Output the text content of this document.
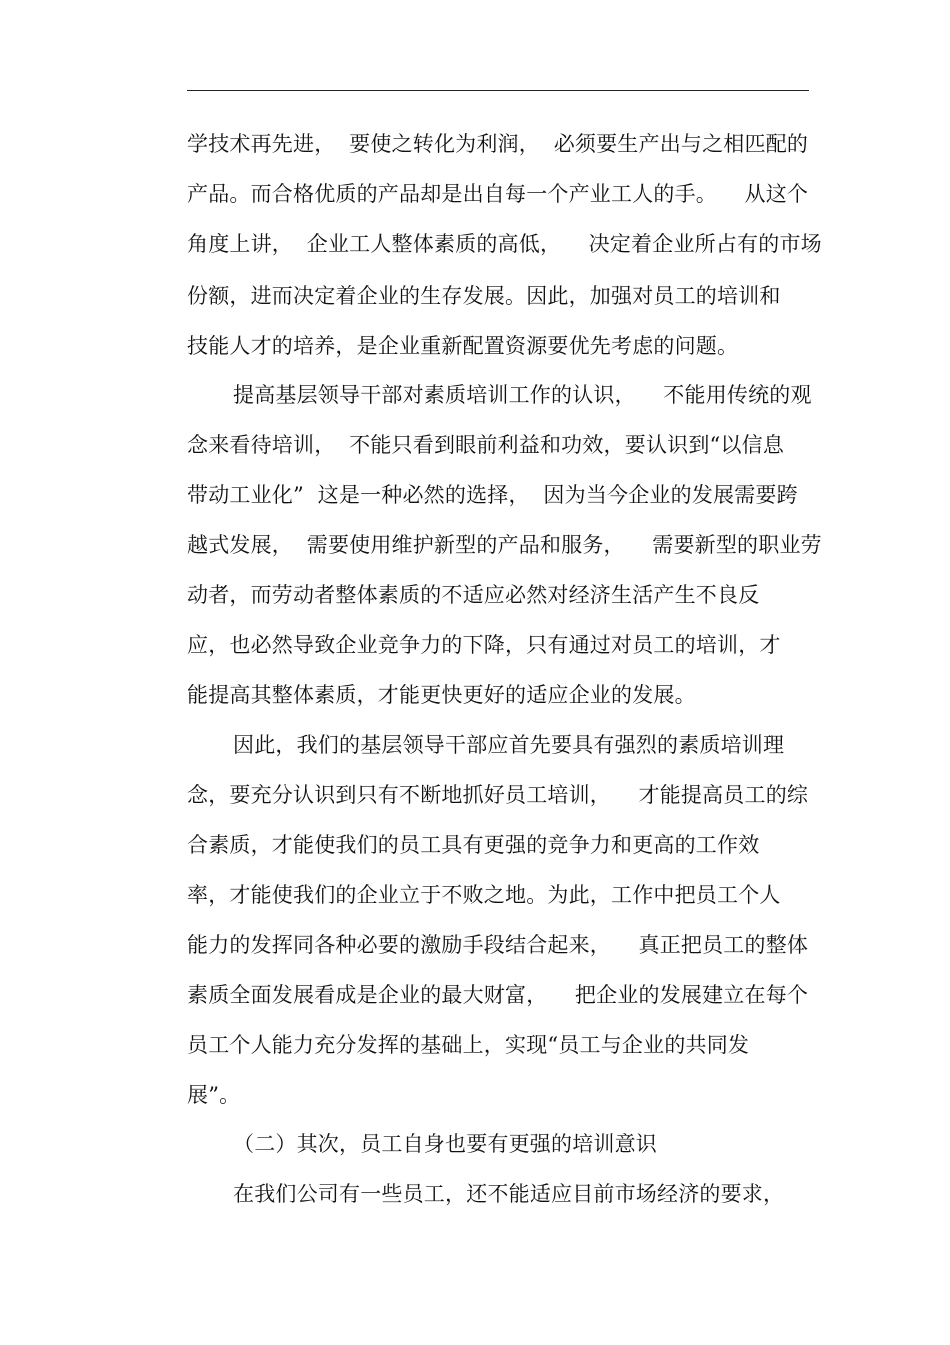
学技术再先进，  要使之转化为利润，  必须要生产出与之相匹配的
产品。而合格优质的产品却是出自每一个产业工人的手。    从这个
角度上讲，  企业工人整体素质的高低，    决定着企业所占有的市场
份额，进而决定着企业的生存发展。因此，加强对员工的培训和
技能人才的培养，是企业重新配置资源要优先考虑的问题。
提高基层领导干部对素质培训工作的认识，    不能用传统的观
念来看待培训，  不能只看到眼前利益和功效，要认识到“以信息
带动工业化”  这是一种必然的选择，  因为当今企业的发展需要跨
越式发展，  需要使用维护新型的产品和服务，    需要新型的职业劳
动者，而劳动者整体素质的不适应必然对经济生活产生不良反
应，也必然导致企业竞争力的下降，只有通过对员工的培训，才
能提高其整体素质，才能更快更好的适应企业的发展。
因此，我们的基层领导干部应首先要具有强烈的素质培训理
念，要充分认识到只有不断地抓好员工培训，    才能提高员工的综
合素质，才能使我们的员工具有更强的竞争力和更高的工作效
率，才能使我们的企业立于不败之地。为此，工作中把员工个人
能力的发挥同各种必要的激励手段结合起来，    真正把员工的整体
素质全面发展看成是企业的最大财富，    把企业的发展建立在每个
员工个人能力充分发挥的基础上，实现“员工与企业的共同发
展”。
（二）其次，员工自身也要有更强的培训意识
在我们公司有一些员工，还不能适应目前市场经济的要求，
